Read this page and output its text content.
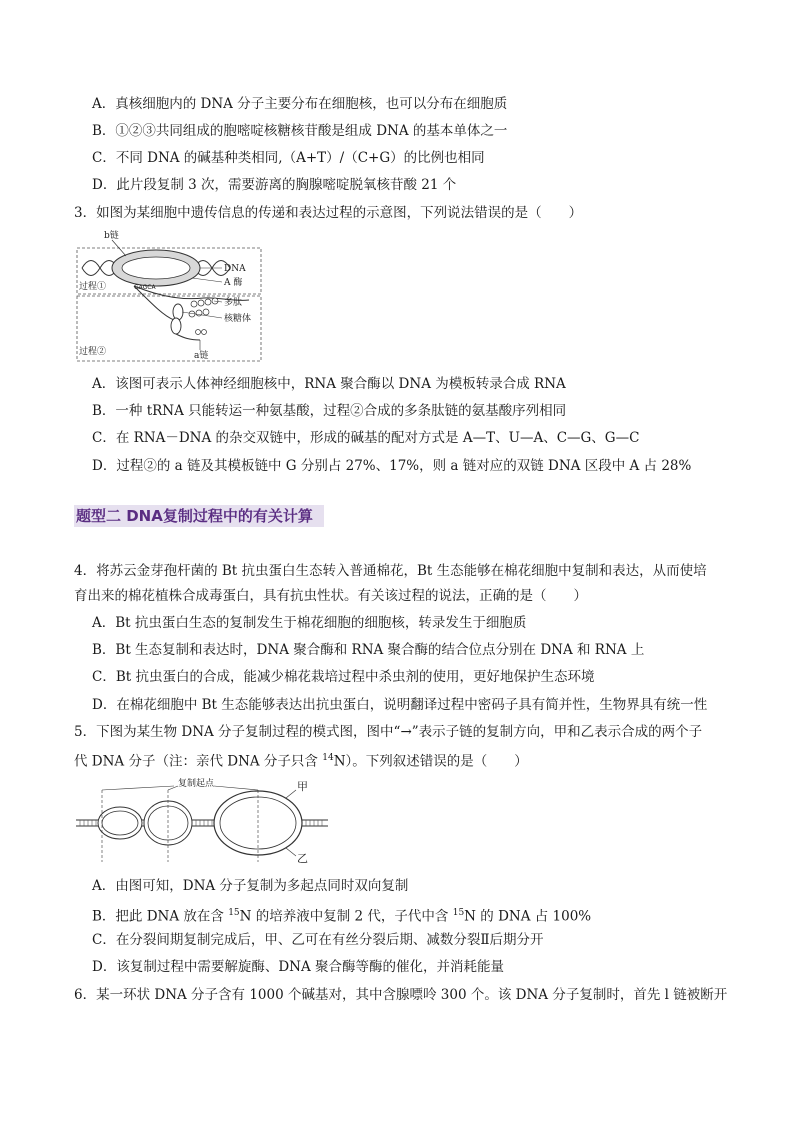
A．真核细胞内的 DNA 分子主要分布在细胞核，也可以分布在细胞质
B．①②③共同组成的胞嘧啶核糖核苷酸是组成 DNA 的基本单体之一
C．不同 DNA 的碱基种类相同,（A+T）/（C+G）的比例也相同
D．此片段复制 3 次，需要游离的胸腺嘧啶脱氧核苷酸 21 个
3．如图为某细胞中遗传信息的传递和表达过程的示意图，下列说法错误的是（　　）
b链
DNA
A 酶
GAGCA
过程①
多肽
核糖体
过程②	a链
A．该图可表示人体神经细胞核中，RNA 聚合酶以 DNA 为模板转录合成 RNA
B．一种 tRNA 只能转运一种氨基酸，过程②合成的多条肽链的氨基酸序列相同
C．在 RNA－DNA 的杂交双链中，形成的碱基的配对方式是 A—T、U—A、C—G、G—C
D．过程②的 a 链及其模板链中 G 分别占 27%、17%，则 a 链对应的双链 DNA 区段中 A 占 28%
题型二 DNA复制过程中的有关计算
4．将苏云金芽孢杆菌的 Bt 抗虫蛋白生态转入普通棉花，Bt 生态能够在棉花细胞中复制和表达，从而使培
育出来的棉花植株合成毒蛋白，具有抗虫性状。有关该过程的说法，正确的是（　　）
A．Bt 抗虫蛋白生态的复制发生于棉花细胞的细胞核，转录发生于细胞质
B．Bt 生态复制和表达时，DNA 聚合酶和 RNA 聚合酶的结合位点分别在 DNA 和 RNA 上
C．Bt 抗虫蛋白的合成，能减少棉花栽培过程中杀虫剂的使用，更好地保护生态环境
D．在棉花细胞中 Bt 生态能够表达出抗虫蛋白，说明翻译过程中密码子具有简并性，生物界具有统一性
5．下图为某生物 DNA 分子复制过程的模式图，图中“→”表示子链的复制方向，甲和乙表示合成的两个子
代 DNA 分子（注：亲代 DNA 分子只含 $^{14}$N）。下列叙述错误的是（　　）
复制起点	甲
乙
A．由图可知，DNA 分子复制为多起点同时双向复制
B．把此 DNA 放在含 $^{15}$N 的培养液中复制 2 代，子代中含 $^{15}$N 的 DNA 占 100%
C．在分裂间期复制完成后，甲、乙可在有丝分裂后期、减数分裂Ⅱ后期分开
D．该复制过程中需要解旋酶、DNA 聚合酶等酶的催化，并消耗能量
6．某一环状 DNA 分子含有 1000 个碱基对，其中含腺嘌呤 300 个。该 DNA 分子复制时，首先 l 链被断开
